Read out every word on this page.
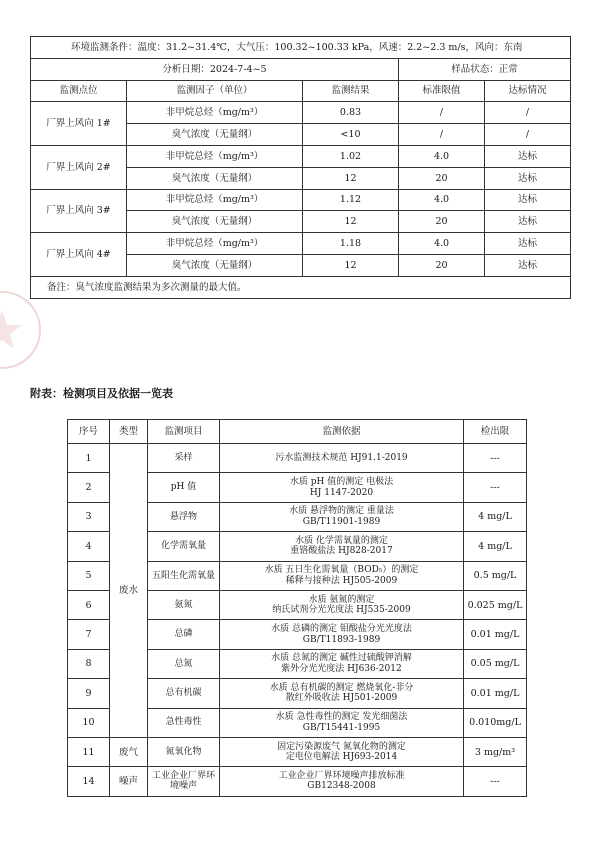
环境监测条件：温度：31.2~31.4℃，大气压：100.32~100.33 kPa，风速：2.2~2.3 m/s，风向：东南				
分析日期：2024-7-4~5			样品状态：正常	
监测点位	监测因子（单位）	监测结果	标准限值	达标情况
厂界上风向 1#	非甲烷总烃（mg/m³）	0.83	/	/
	臭气浓度（无量纲）	<10	/	/
厂界上风向 2#	非甲烷总烃（mg/m³）	1.02	4.0	达标
	臭气浓度（无量纲）	12	20	达标
厂界上风向 3#	非甲烷总烃（mg/m³）	1.12	4.0	达标
	臭气浓度（无量纲）	12	20	达标
厂界上风向 4#	非甲烷总烃（mg/m³）	1.18	4.0	达标
	臭气浓度（无量纲）	12	20	达标
备注：臭气浓度监测结果为多次测量的最大值。				
附表：检测项目及依据一览表
序号	类型	监测项目	监测依据	检出限
1	废水	采样	污水监测技术规范 HJ91.1-2019	---
2		pH 值	水质 pH 值的测定 电极法
HJ 1147-2020	---
3		悬浮物	水质 悬浮物的测定 重量法
GB/T11901-1989	4 mg/L
4		化学需氧量	水质 化学需氧量的测定
重铬酸盐法 HJ828-2017	4 mg/L
5		五阳生化需氧量	水质 五日生化需氧量（BOD₅）的测定
稀释与接种法 HJ505-2009	0.5 mg/L
6		氨氮	水质 氨氮的测定
纳氏试剂分光光度法 HJ535-2009	0.025 mg/L
7		总磷	水质 总磷的测定 钼酸盐分光光度法
GB/T11893-1989	0.01 mg/L
8		总氮	水质 总氮的测定 碱性过硫酸钾消解
紫外分光光度法 HJ636-2012	0.05 mg/L
9		总有机碳	水质 总有机碳的测定 燃烧氧化-非分
散红外吸收法 HJ501-2009	0.01 mg/L
10		急性毒性	水质 急性毒性的测定 发光细菌法
GB/T15441-1995	0.010mg/L
11	废气	氮氧化物	固定污染源废气 氮氧化物的测定
定电位电解法 HJ693-2014	3 mg/m³
14	噪声	工业企业厂界环境噪声	工业企业厂界环境噪声排放标准
GB12348-2008	---
